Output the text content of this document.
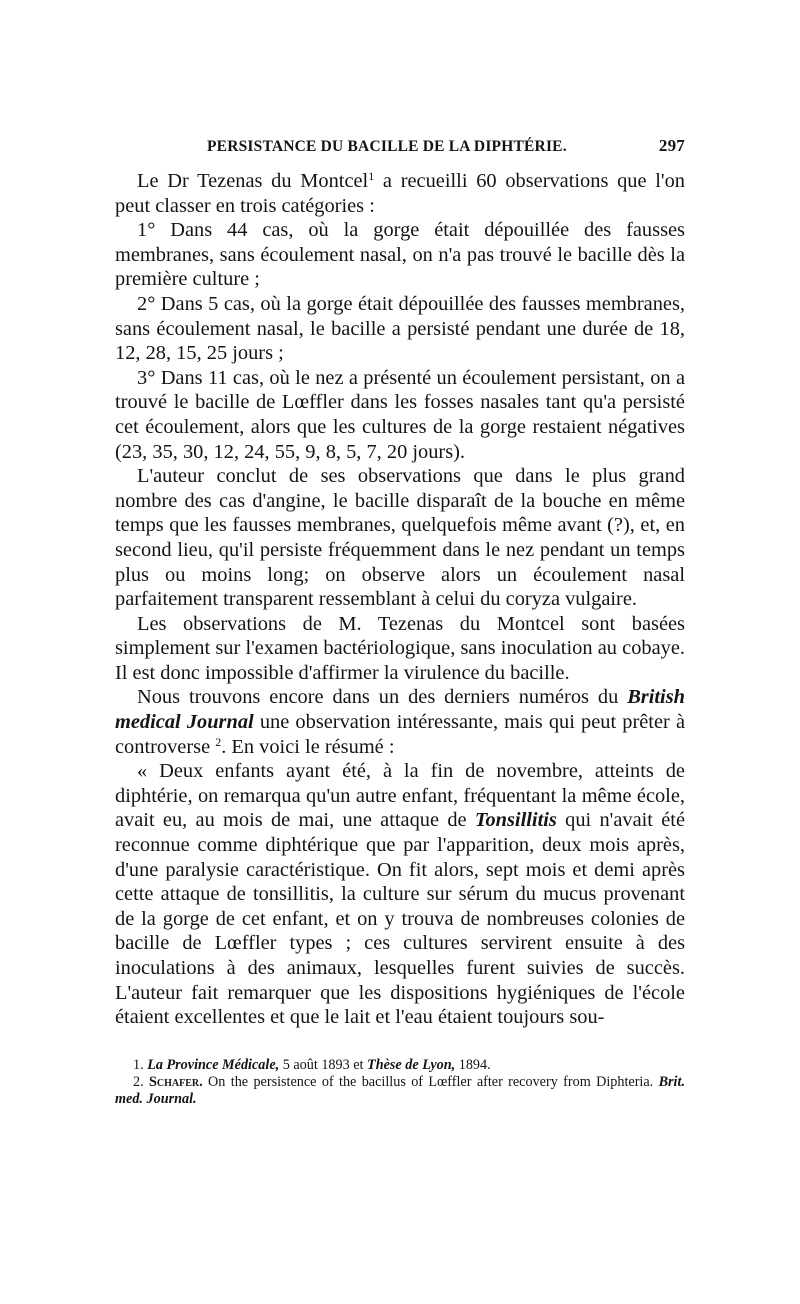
PERSISTANCE DU BACILLE DE LA DIPHTÉRIE.	297

Le Dr Tezenas du Montcel$^1$ a recueilli 60 observations que l'on peut classer en trois catégories :

1° Dans 44 cas, où la gorge était dépouillée des fausses membranes, sans écoulement nasal, on n'a pas trouvé le bacille dès la première culture ;

2° Dans 5 cas, où la gorge était dépouillée des fausses membranes, sans écoulement nasal, le bacille a persisté pendant une durée de 18, 12, 28, 15, 25 jours ;

3° Dans 11 cas, où le nez a présenté un écoulement persistant, on a trouvé le bacille de Lœffler dans les fosses nasales tant qu'a persisté cet écoulement, alors que les cultures de la gorge restaient négatives (23, 35, 30, 12, 24, 55, 9, 8, 5, 7, 20 jours).

L'auteur conclut de ses observations que dans le plus grand nombre des cas d'angine, le bacille disparaît de la bouche en même temps que les fausses membranes, quelquefois même avant (?), et, en second lieu, qu'il persiste fréquemment dans le nez pendant un temps plus ou moins long; on observe alors un écoulement nasal parfaitement transparent ressemblant à celui du coryza vulgaire.

Les observations de M. Tezenas du Montcel sont basées simplement sur l'examen bactériologique, sans inoculation au cobaye. Il est donc impossible d'affirmer la virulence du bacille.

Nous trouvons encore dans un des derniers numéros du British medical Journal une observation intéressante, mais qui peut prêter à controverse $^2$. En voici le résumé :

« Deux enfants ayant été, à la fin de novembre, atteints de diphtérie, on remarqua qu'un autre enfant, fréquentant la même école, avait eu, au mois de mai, une attaque de Tonsillitis qui n'avait été reconnue comme diphtérique que par l'apparition, deux mois après, d'une paralysie caractéristique. On fit alors, sept mois et demi après cette attaque de tonsillitis, la culture sur sérum du mucus provenant de la gorge de cet enfant, et on y trouva de nombreuses colonies de bacille de Lœffler types ; ces cultures servirent ensuite à des inoculations à des animaux, lesquelles furent suivies de succès. L'auteur fait remarquer que les dispositions hygiéniques de l'école étaient excellentes et que le lait et l'eau étaient toujours sou-

1. La Province Médicale, 5 août 1893 et Thèse de Lyon, 1894.

2. Schafer. On the persistence of the bacillus of Lœffler after recovery from Diphteria. Brit. med. Journal.
